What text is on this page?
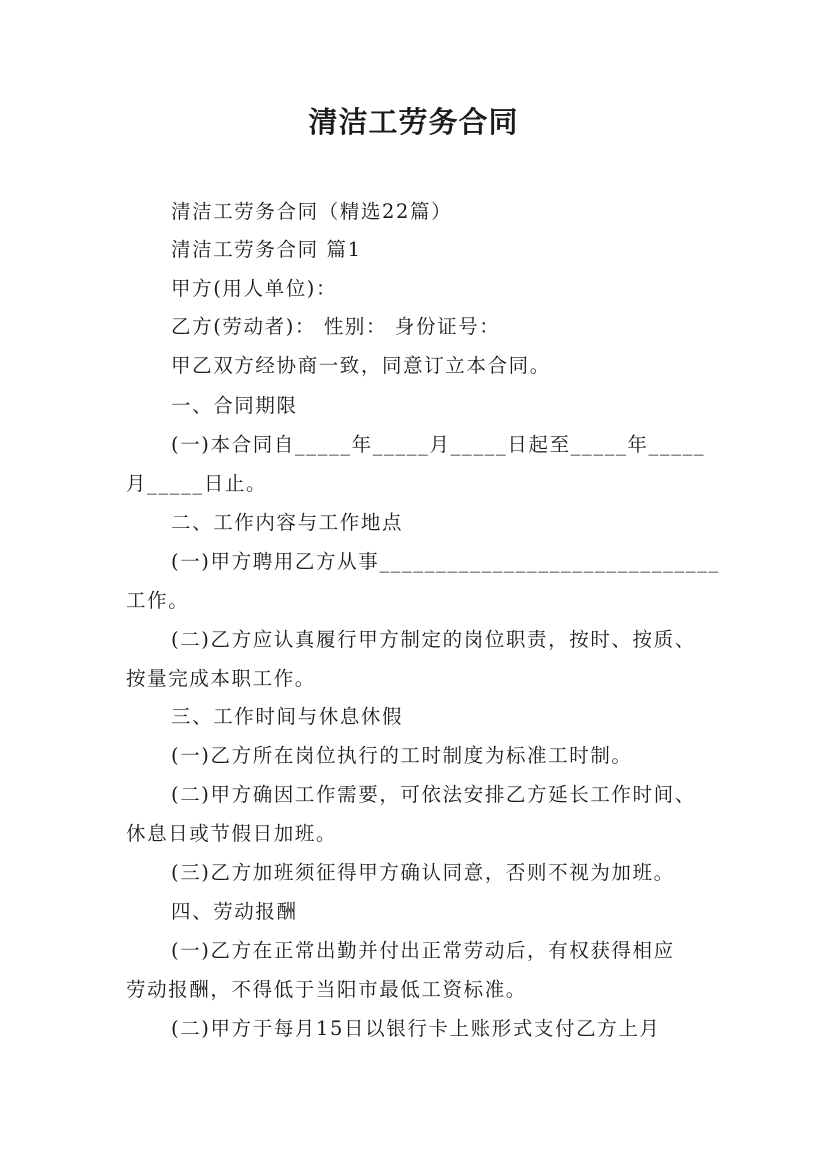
清洁工劳务合同
清洁工劳务合同（精选22篇）
清洁工劳务合同 篇1
甲方(用人单位)：
乙方(劳动者)： 性别： 身份证号：
甲乙双方经协商一致，同意订立本合同。
一、合同期限
(一)本合同自_____年_____月_____日起至_____年_____
月_____日止。
二、工作内容与工作地点
(一)甲方聘用乙方从事______________________________
工作。
(二)乙方应认真履行甲方制定的岗位职责，按时、按质、
按量完成本职工作。
三、工作时间与休息休假
(一)乙方所在岗位执行的工时制度为标准工时制。
(二)甲方确因工作需要，可依法安排乙方延长工作时间、
休息日或节假日加班。
(三)乙方加班须征得甲方确认同意，否则不视为加班。
四、劳动报酬
(一)乙方在正常出勤并付出正常劳动后，有权获得相应
劳动报酬，不得低于当阳市最低工资标准。
(二)甲方于每月15日以银行卡上账形式支付乙方上月
